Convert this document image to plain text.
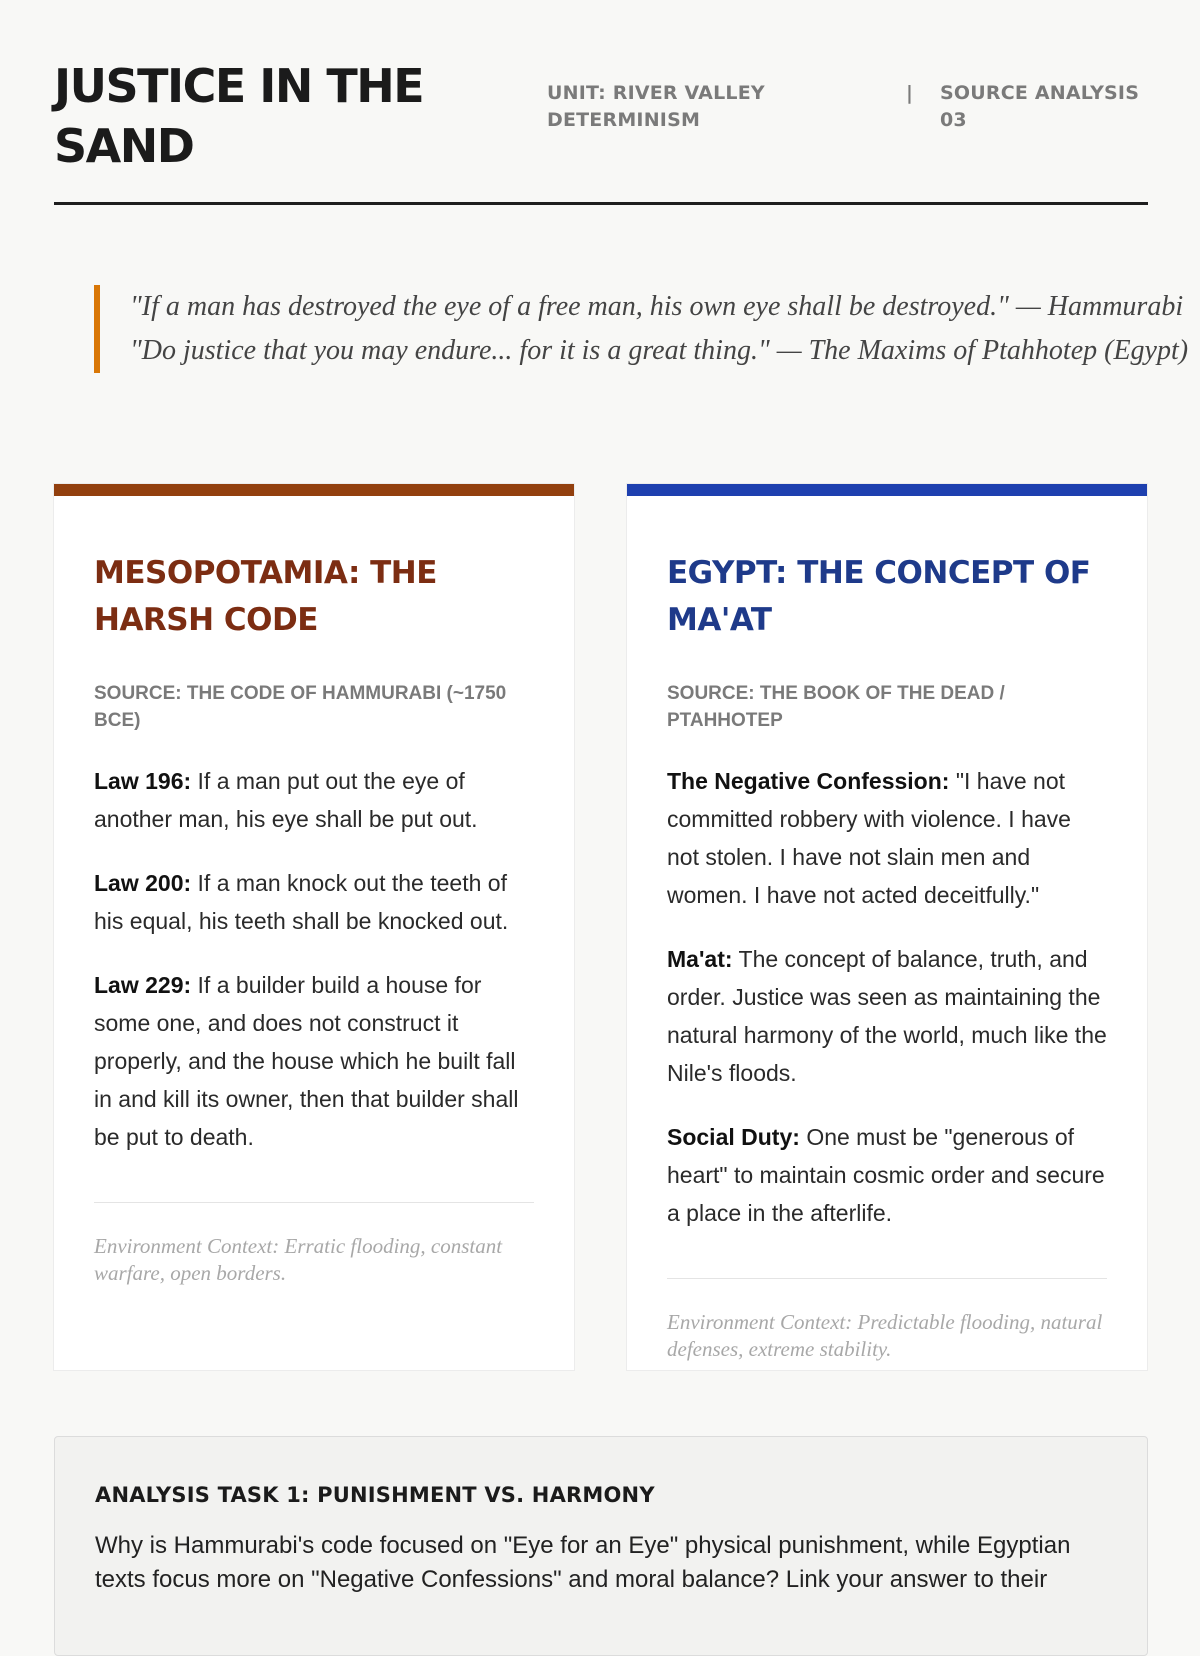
JUSTICE IN THE SAND
UNIT: RIVER VALLEY DETERMINISM
|	SOURCE ANALYSIS 03

"If a man has destroyed the eye of a free man, his own eye shall be destroyed." — Hammurabi

"Do justice that you may endure... for it is a great thing." — The Maxims of Ptahhotep (Egypt)

MESOPOTAMIA: THE HARSH CODE
SOURCE: THE CODE OF HAMMURABI (~1750 BCE)

Law 196: If a man put out the eye of another man, his eye shall be put out.

Law 200: If a man knock out the teeth of his equal, his teeth shall be knocked out.

Law 229: If a builder build a house for some one, and does not construct it properly, and the house which he built fall in and kill its owner, then that builder shall be put to death.

Environment Context: Erratic flooding, constant warfare, open borders.
EGYPT: THE CONCEPT OF MA'AT
SOURCE: THE BOOK OF THE DEAD / PTAHHOTEP

The Negative Confession: "I have not committed robbery with violence. I have not stolen. I have not slain men and women. I have not acted deceitfully."

Ma'at: The concept of balance, truth, and order. Justice was seen as maintaining the natural harmony of the world, much like the Nile's floods.

Social Duty: One must be "generous of heart" to maintain cosmic order and secure a place in the afterlife.

Environment Context: Predictable flooding, natural defenses, extreme stability.
ANALYSIS TASK 1: PUNISHMENT VS. HARMONY

Why is Hammurabi's code focused on "Eye for an Eye" physical punishment, while Egyptian texts focus more on "Negative Confessions" and moral balance? Link your answer to their
